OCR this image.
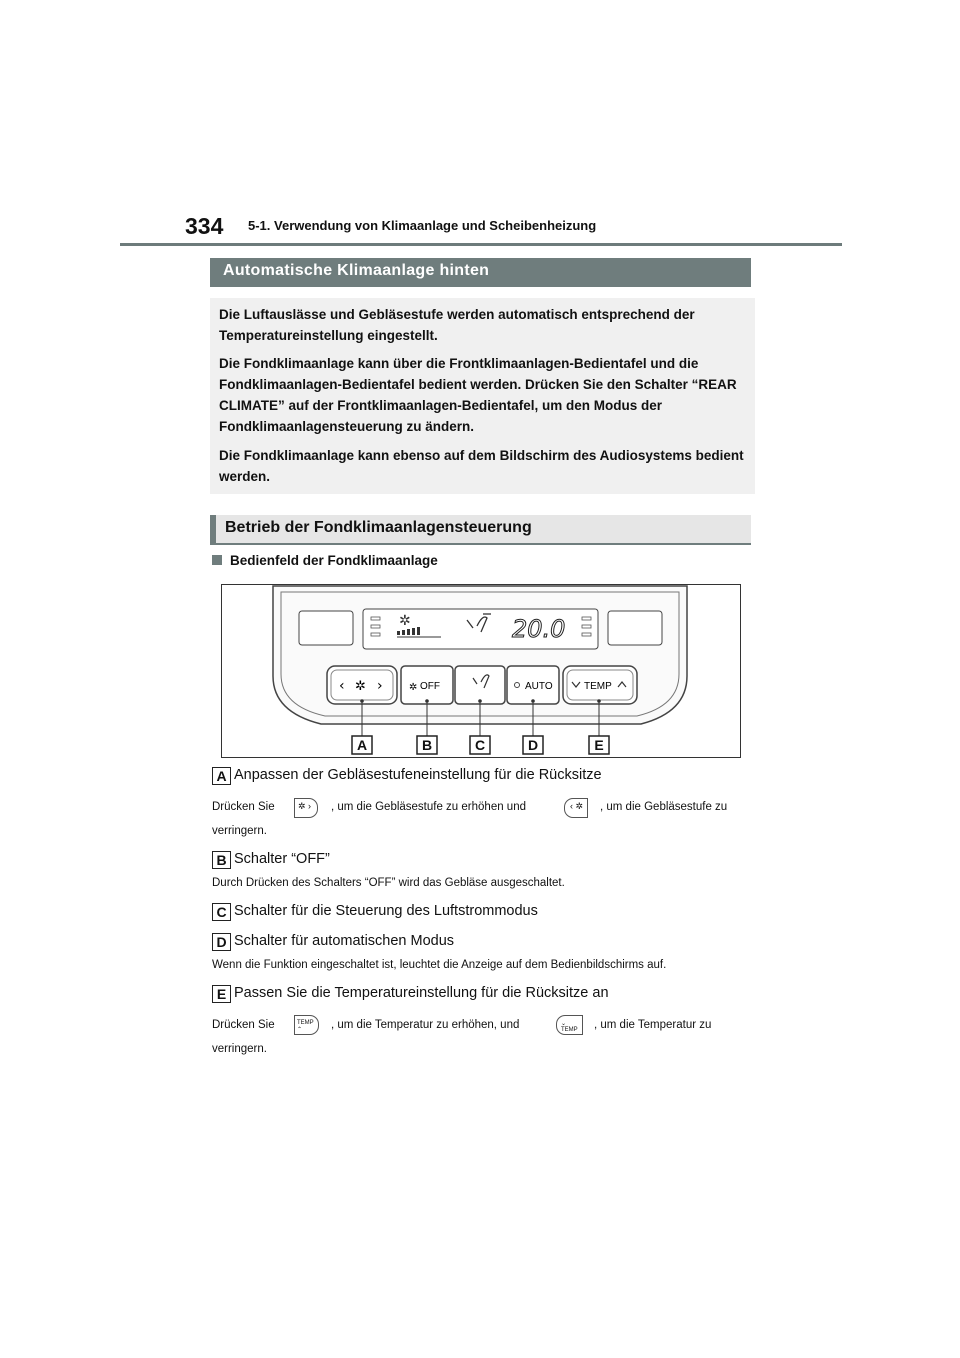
334 5-1. Verwendung von Klimaanlage und Scheibenheizung
Automatische Klimaanlage hinten

Die Luftauslässe und Gebläsestufe werden automatisch entsprechend der Temperatureinstellung eingestellt.

Die Fondklimaanlage kann über die Frontklimaanlagen-Bedientafel und die Fondklimaanlagen-Bedientafel bedient werden. Drücken Sie den Schalter “REAR CLIMATE” auf der Frontklimaanlagen-Bedientafel, um den Modus der Fondklimaanlagensteuerung zu ändern.

Die Fondklimaanlage kann ebenso auf dem Bildschirm des Audiosystems bedient werden.

Betrieb der Fondklimaanlagensteuerung
Bedienfeld der Fondklimaanlage
✲	20.0
‹ ✲ ›	✲ OFF	AUTO	TEMP
A	B	C	D	E
A Anpassen der Gebläsestufeneinstellung für die Rücksitze
Drücken Sie	✲ › , um die Gebläsestufe zu erhöhen und	‹ ✲ , um die Gebläsestufe zu
verringern.
B Schalter “OFF”
Durch Drücken des Schalters “OFF” wird das Gebläse ausgeschaltet.
C Schalter für die Steuerung des Luftstrommodus
D Schalter für automatischen Modus
Wenn die Funktion eingeschaltet ist, leuchtet die Anzeige auf dem Bedienbildschirms auf.
E Passen Sie die Temperatureinstellung für die Rücksitze an
Drücken Sie	TEMP ⌃	, um die Temperatur zu erhöhen, und	⌄ TEMP	, um die Temperatur zu
verringern.
